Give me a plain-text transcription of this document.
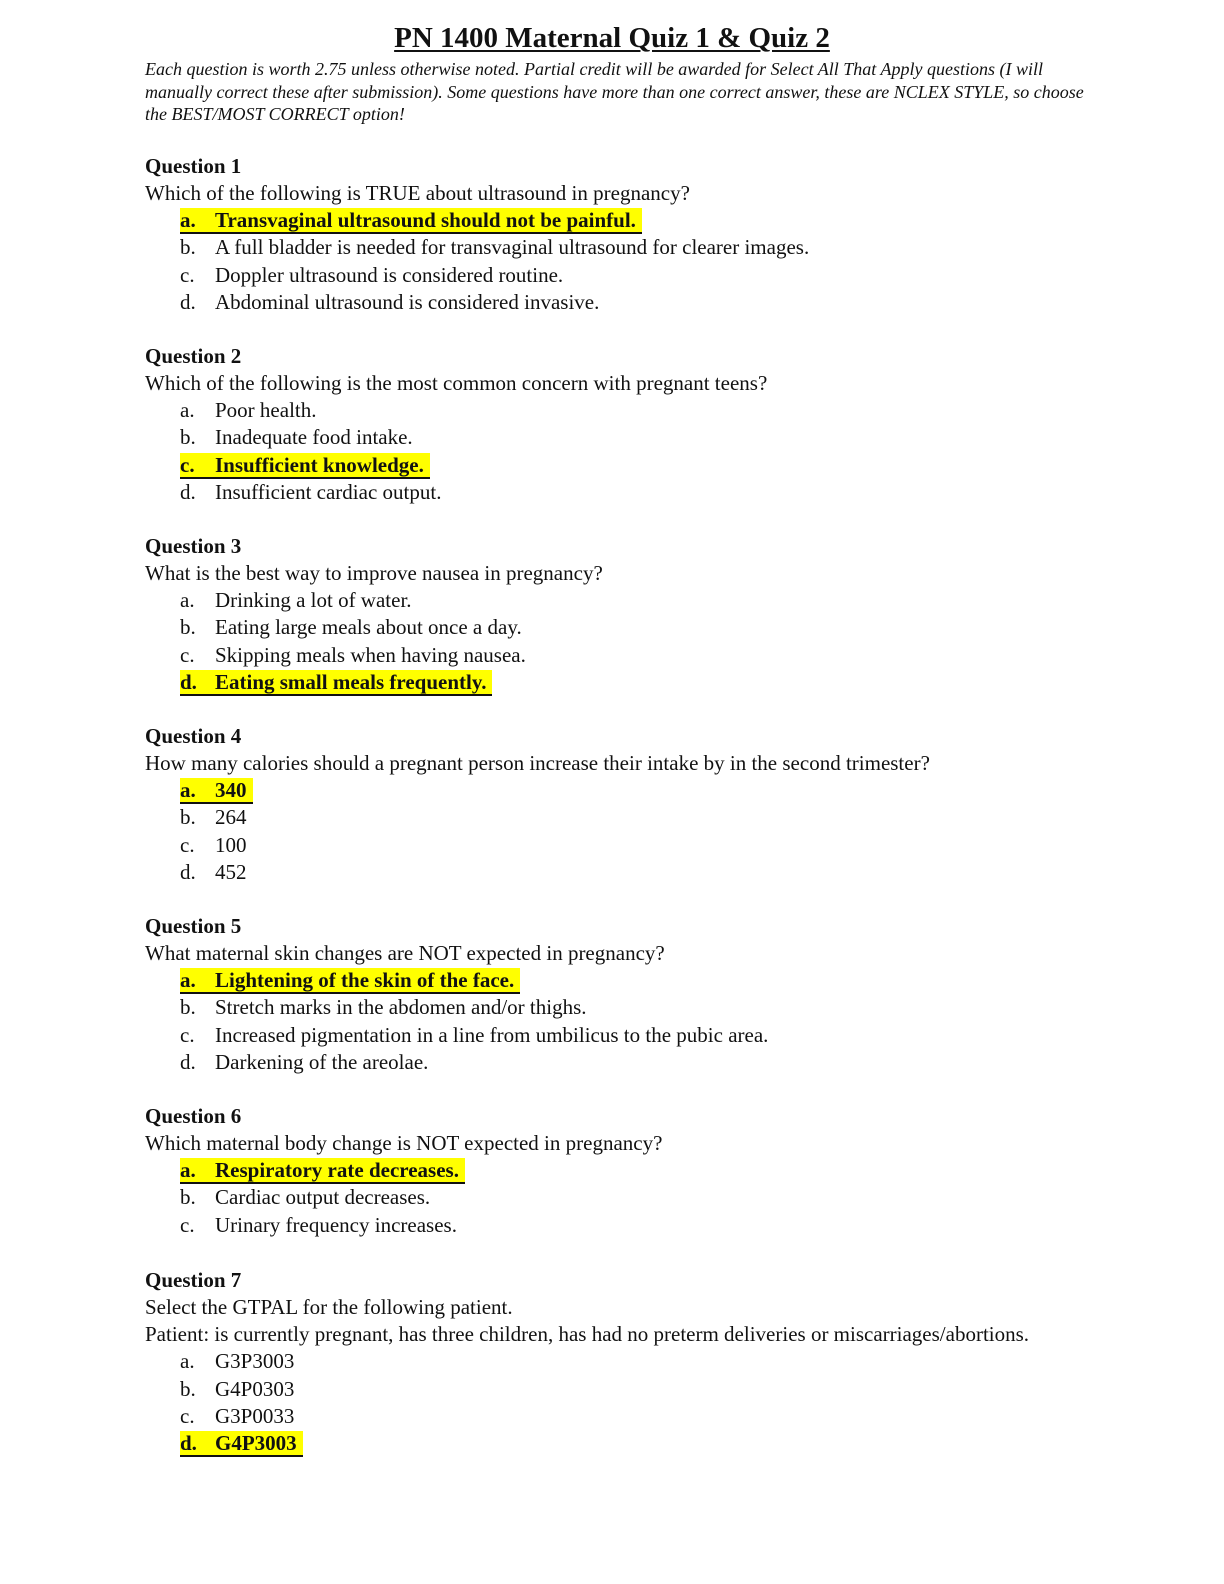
PN 1400 Maternal Quiz 1 & Quiz 2

Each question is worth 2.75 unless otherwise noted. Partial credit will be awarded for Select All That Apply questions (I will manually correct these after submission). Some questions have more than one correct answer, these are NCLEX STYLE, so choose the BEST/MOST CORRECT option!

Question 1

Which of the following is TRUE about ultrasound in pregnancy?

a. Transvaginal ultrasound should not be painful.
b. A full bladder is needed for transvaginal ultrasound for clearer images.
c. Doppler ultrasound is considered routine.
d. Abdominal ultrasound is considered invasive.

Question 2

Which of the following is the most common concern with pregnant teens?

a. Poor health.
b. Inadequate food intake.
c. Insufficient knowledge.
d. Insufficient cardiac output.

Question 3

What is the best way to improve nausea in pregnancy?

a. Drinking a lot of water.
b. Eating large meals about once a day.
c. Skipping meals when having nausea.
d. Eating small meals frequently.

Question 4

How many calories should a pregnant person increase their intake by in the second trimester?

a. 340
b. 264
c. 100
d. 452

Question 5

What maternal skin changes are NOT expected in pregnancy?

a. Lightening of the skin of the face.
b. Stretch marks in the abdomen and/or thighs.
c. Increased pigmentation in a line from umbilicus to the pubic area.
d. Darkening of the areolae.

Question 6

Which maternal body change is NOT expected in pregnancy?

a. Respiratory rate decreases.
b. Cardiac output decreases.
c. Urinary frequency increases.

Question 7

Select the GTPAL for the following patient.

Patient: is currently pregnant, has three children, has had no preterm deliveries or miscarriages/abortions.

a. G3P3003
b. G4P0303
c. G3P0033
d. G4P3003
